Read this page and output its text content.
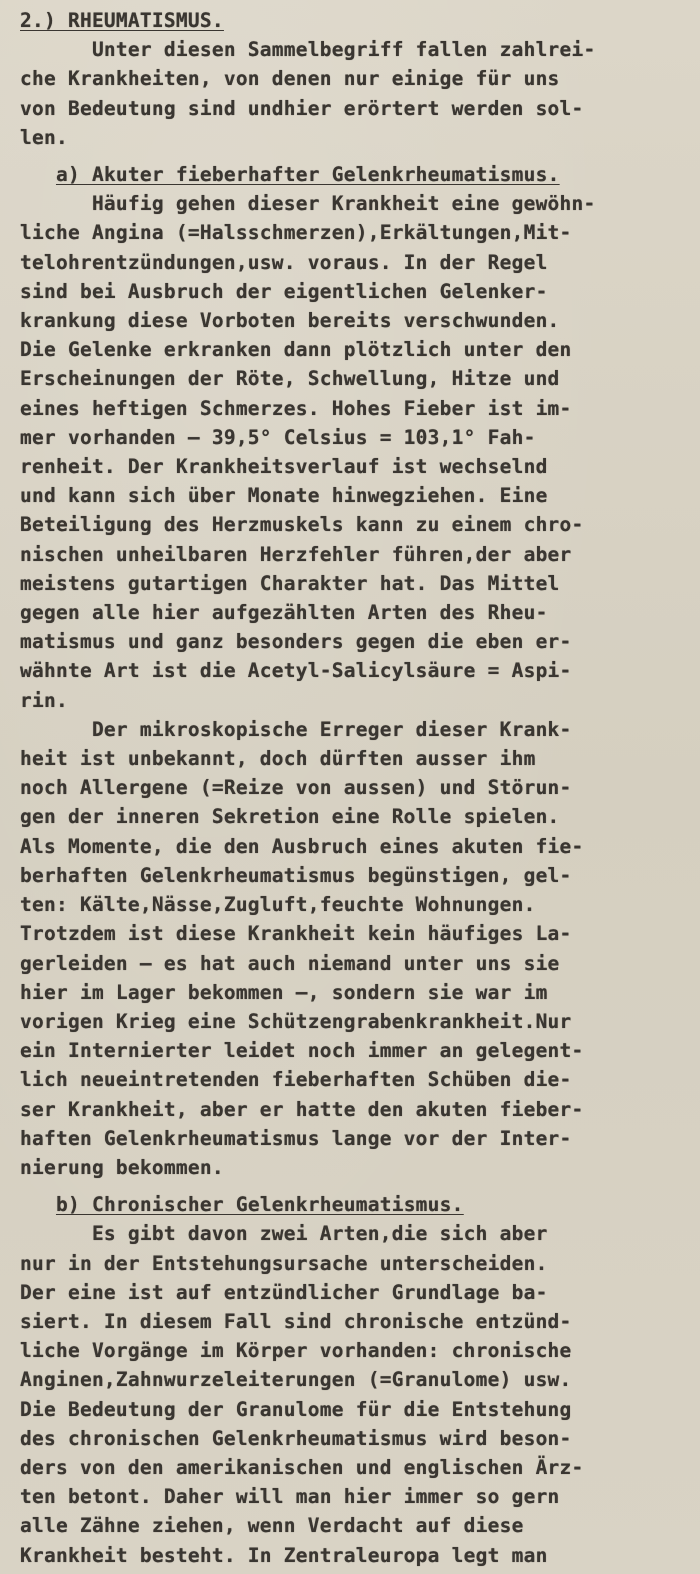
2.) RHEUMATISMUS.
Unter diesen Sammelbegriff fallen zahlrei-
che Krankheiten, von denen nur einige für uns
von Bedeutung sind undhier erörtert werden sol-
len.
a) Akuter fieberhafter Gelenkrheumatismus.
Häufig gehen dieser Krankheit eine gewöhn-
liche Angina (=Halsschmerzen),Erkältungen,Mit-
telohrentzündungen,usw. voraus. In der Regel
sind bei Ausbruch der eigentlichen Gelenker-
krankung diese Vorboten bereits verschwunden.
Die Gelenke erkranken dann plötzlich unter den
Erscheinungen der Röte, Schwellung, Hitze und
eines heftigen Schmerzes. Hohes Fieber ist im-
mer vorhanden — 39,5° Celsius = 103,1° Fah-
renheit. Der Krankheitsverlauf ist wechselnd
und kann sich über Monate hinwegziehen. Eine
Beteiligung des Herzmuskels kann zu einem chro-
nischen unheilbaren Herzfehler führen,der aber
meistens gutartigen Charakter hat. Das Mittel
gegen alle hier aufgezählten Arten des Rheu-
matismus und ganz besonders gegen die eben er-
wähnte Art ist die Acetyl-Salicylsäure = Aspi-
rin.
Der mikroskopische Erreger dieser Krank-
heit ist unbekannt, doch dürften ausser ihm
noch Allergene (=Reize von aussen) und Störun-
gen der inneren Sekretion eine Rolle spielen.
Als Momente, die den Ausbruch eines akuten fie-
berhaften Gelenkrheumatismus begünstigen, gel-
ten: Kälte,Nässe,Zugluft,feuchte Wohnungen.
Trotzdem ist diese Krankheit kein häufiges La-
gerleiden — es hat auch niemand unter uns sie
hier im Lager bekommen —, sondern sie war im
vorigen Krieg eine Schützengrabenkrankheit.Nur
ein Internierter leidet noch immer an gelegent-
lich neueintretenden fieberhaften Schüben die-
ser Krankheit, aber er hatte den akuten fieber-
haften Gelenkrheumatismus lange vor der Inter-
nierung bekommen.
b) Chronischer Gelenkrheumatismus.
Es gibt davon zwei Arten,die sich aber
nur in der Entstehungsursache unterscheiden.
Der eine ist auf entzündlicher Grundlage ba-
siert. In diesem Fall sind chronische entzünd-
liche Vorgänge im Körper vorhanden: chronische
Anginen,Zahnwurzeleiterungen (=Granulome) usw.
Die Bedeutung der Granulome für die Entstehung
des chronischen Gelenkrheumatismus wird beson-
ders von den amerikanischen und englischen Ärz-
ten betont. Daher will man hier immer so gern
alle Zähne ziehen, wenn Verdacht auf diese
Krankheit besteht. In Zentraleuropa legt man
